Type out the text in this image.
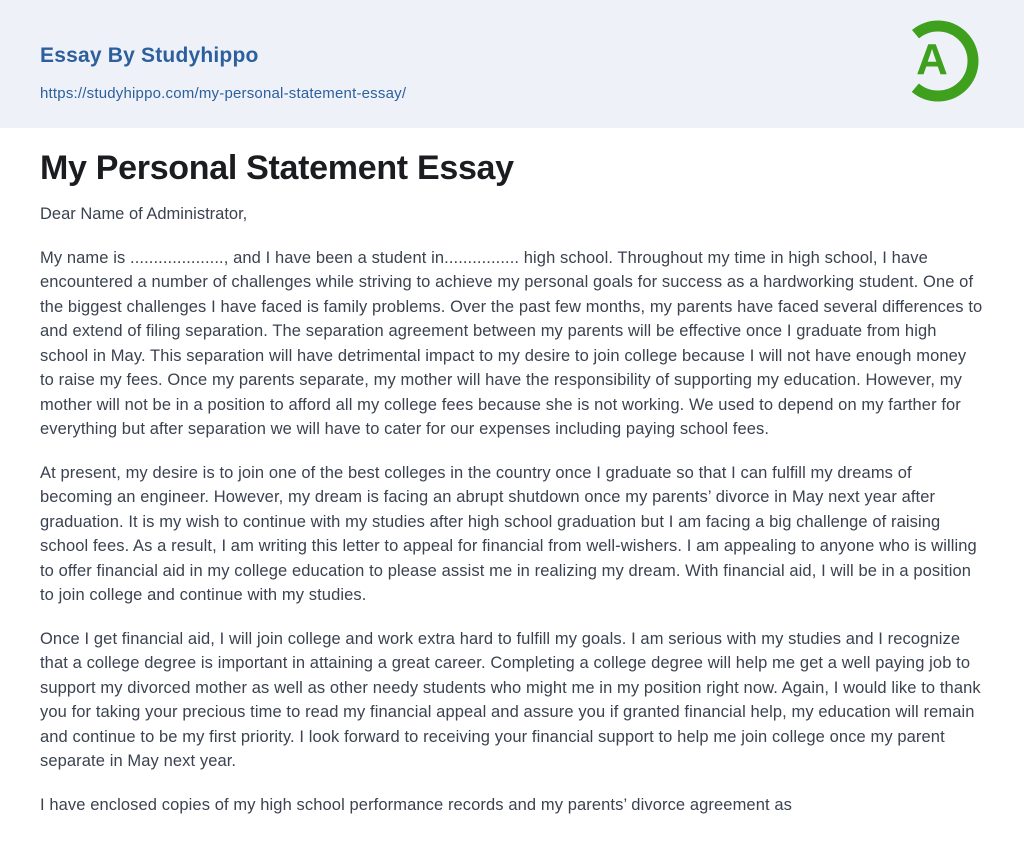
Essay By Studyhippo
https://studyhippo.com/my-personal-statement-essay/
A
My Personal Statement Essay

Dear Name of Administrator,

My name is ...................., and I have been a student in................ high school. Throughout my time in high school, I have encountered a number of challenges while striving to achieve my personal goals for success as a hardworking student. One of the biggest challenges I have faced is family problems. Over the past few months, my parents have faced several differences to and extend of filing separation. The separation agreement between my parents will be effective once I graduate from high school in May. This separation will have detrimental impact to my desire to join college because I will not have enough money to raise my fees. Once my parents separate, my mother will have the responsibility of supporting my education. However, my mother will not be in a position to afford all my college fees because she is not working. We used to depend on my farther for everything but after separation we will have to cater for our expenses including paying school fees.

At present, my desire is to join one of the best colleges in the country once I graduate so that I can fulfill my dreams of becoming an engineer. However, my dream is facing an abrupt shutdown once my parents’ divorce in May next year after graduation. It is my wish to continue with my studies after high school graduation but I am facing a big challenge of raising school fees. As a result, I am writing this letter to appeal for financial from well-wishers. I am appealing to anyone who is willing to offer financial aid in my college education to please assist me in realizing my dream. With financial aid, I will be in a position to join college and continue with my studies.

Once I get financial aid, I will join college and work extra hard to fulfill my goals. I am serious with my studies and I recognize that a college degree is important in attaining a great career. Completing a college degree will help me get a well paying job to support my divorced mother as well as other needy students who might me in my position right now. Again, I would like to thank you for taking your precious time to read my financial appeal and assure you if granted financial help, my education will remain and continue to be my first priority. I look forward to receiving your financial support to help me join college once my parent separate in May next year.

I have enclosed copies of my high school performance records and my parents’ divorce agreement as
